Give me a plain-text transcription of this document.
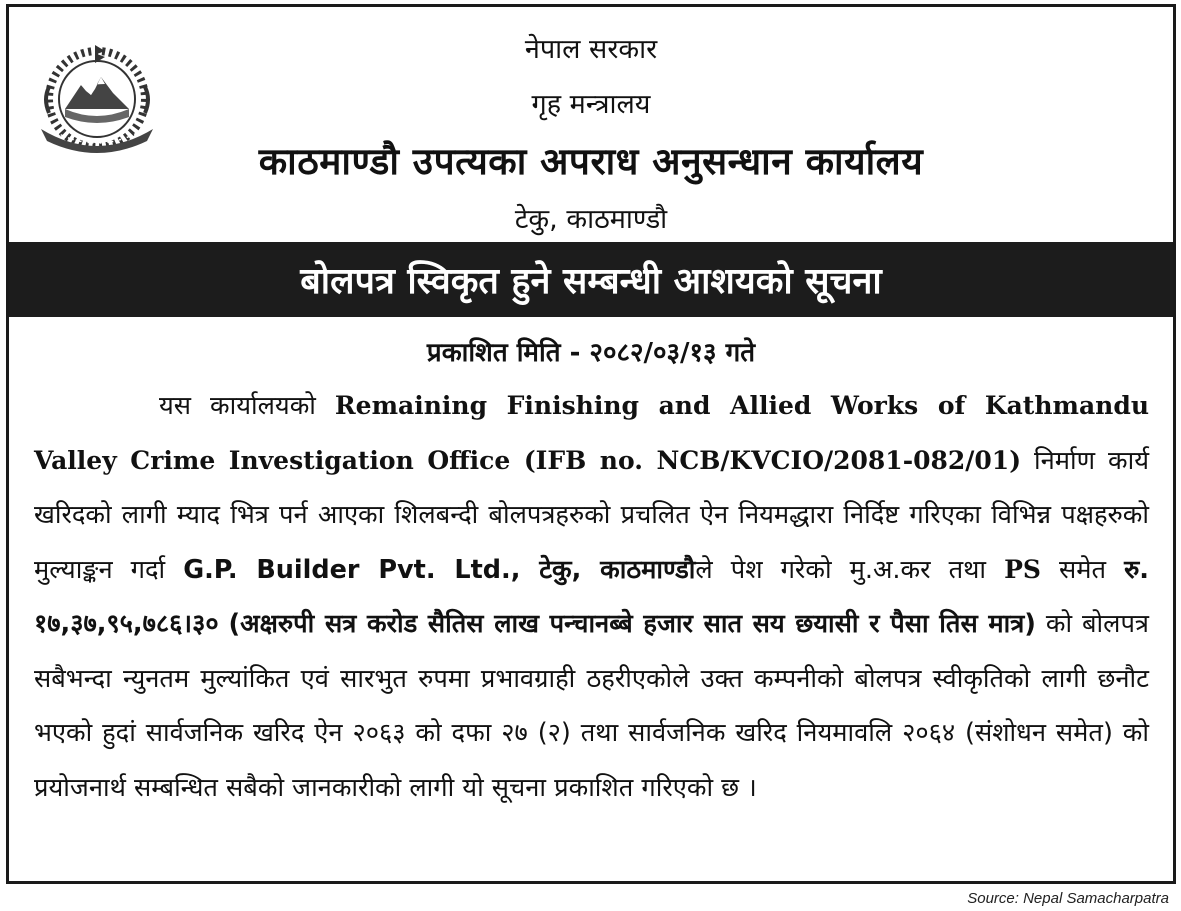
नेपाल सरकार
गृह मन्त्रालय
काठमाण्डौ उपत्यका अपराध अनुसन्धान कार्यालय
टेकु, काठमाण्डौ
बोलपत्र स्विकृत हुने सम्बन्धी आशयको सूचना
प्रकाशित मिति - २०८२/०३/१३ गते

यस कार्यालयको Remaining Finishing and Allied Works of Kathmandu Valley Crime Investigation Office (IFB no. NCB/KVCIO/2081-082/01) निर्माण कार्य खरिदको लागी म्याद भित्र पर्न आएका शिलबन्दी बोलपत्रहरुको प्रचलित ऐन नियमद्धारा निर्दिष्ट गरिएका विभिन्न पक्षहरुको मुल्याङ्कन गर्दा G.P. Builder Pvt. Ltd., टेकु, काठमाण्डौले पेश गरेको मु.अ.कर तथा PS समेत रु. १७,३७,९५,७८६।३० (अक्षरुपी सत्र करोड सैतिस लाख पन्चानब्बे हजार सात सय छयासी र पैसा तिस मात्र) को बोलपत्र सबैभन्दा न्युनतम मुल्यांकित एवं सारभुत रुपमा प्रभावग्राही ठहरीएकोले उक्त कम्पनीको बोलपत्र स्वीकृतिको लागी छनौट भएको हुदां सार्वजनिक खरिद ऐन २०६३ को दफा २७ (२) तथा सार्वजनिक खरिद नियमावलि २०६४ (संशोधन समेत) को प्रयोजनार्थ सम्बन्धित सबैको जानकारीको लागी यो सूचना प्रकाशित गरिएको छ ।

Source: Nepal Samacharpatra
